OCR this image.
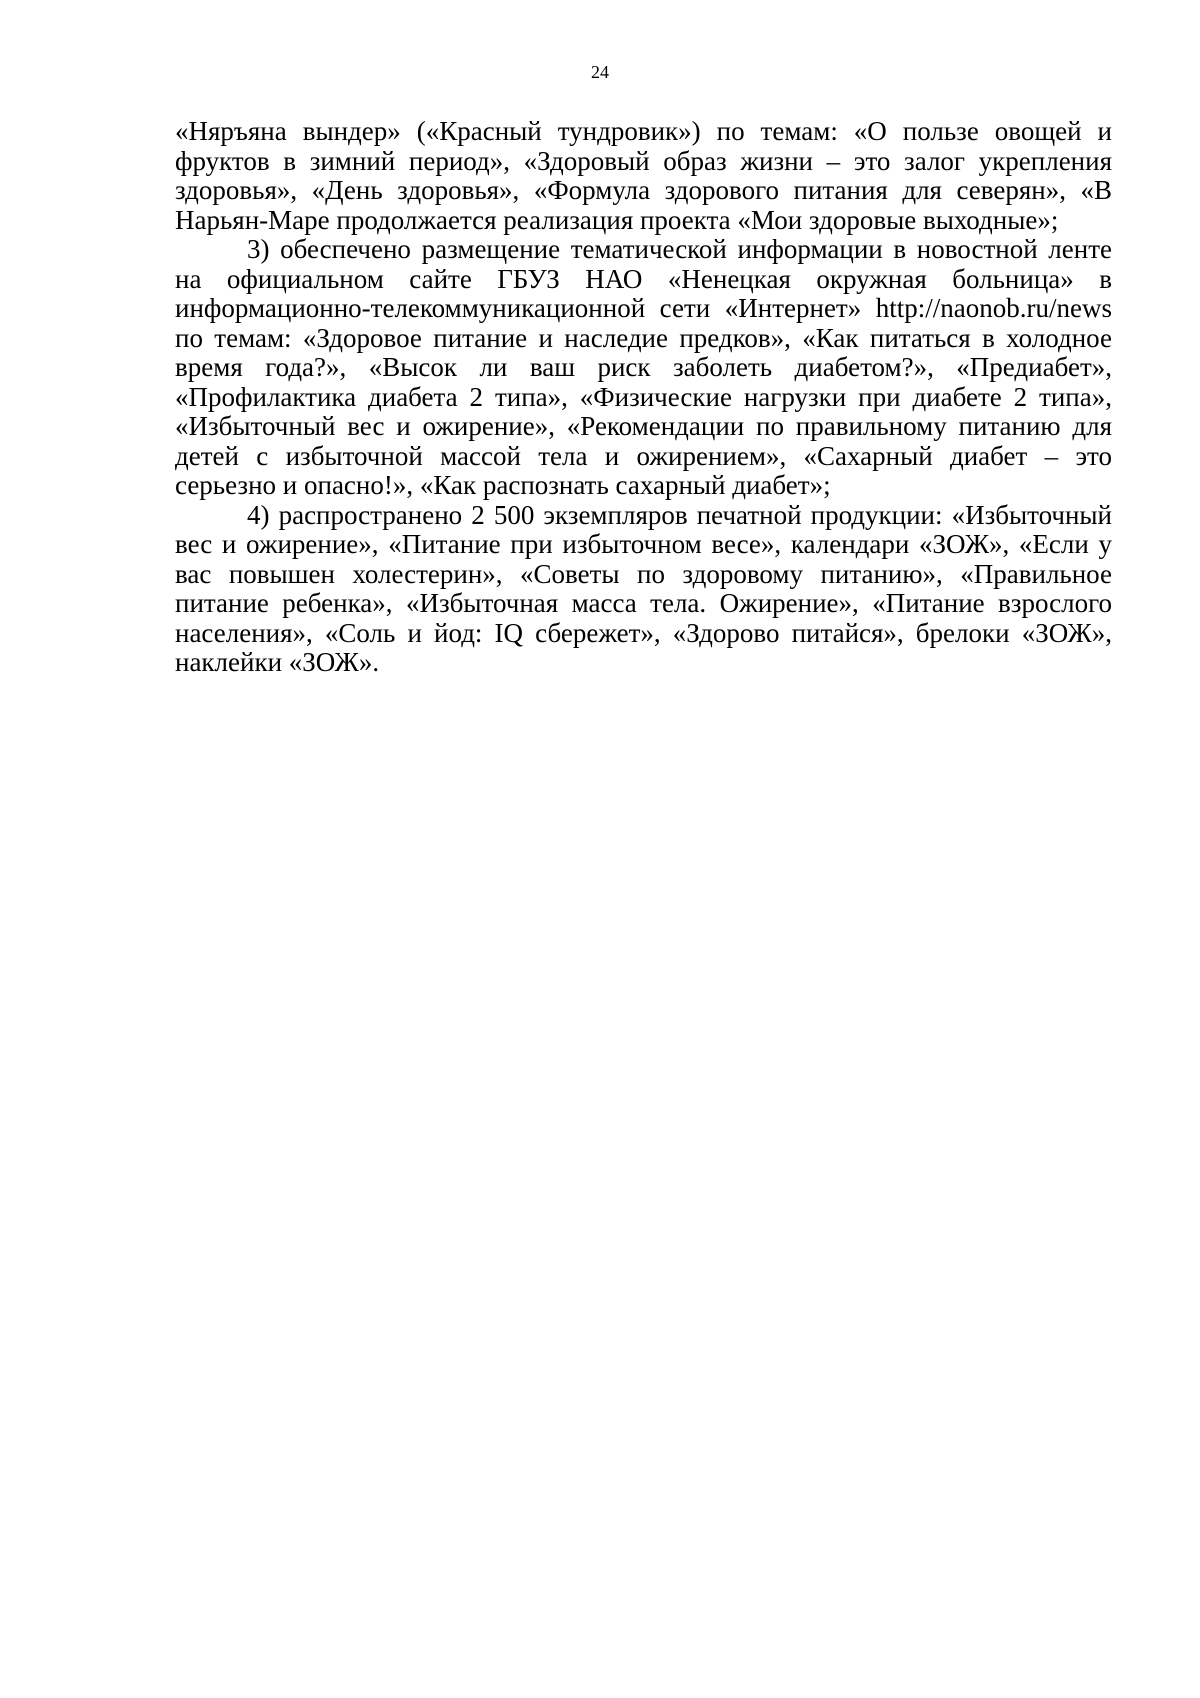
24

«Няръяна вындер» («Красный тундровик») по темам: «О пользе овощей и фруктов в зимний период», «Здоровый образ жизни – это залог укрепления здоровья», «День здоровья», «Формула здорового питания для северян», «В Нарьян-Маре продолжается реализация проекта «Мои здоровые выходные»;

3) обеспечено размещение тематической информации в новостной ленте на официальном сайте ГБУЗ НАО «Ненецкая окружная больница» в информационно-телекоммуникационной сети «Интернет» http://naonob.ru/news по темам: «Здоровое питание и наследие предков», «Как питаться в холодное время года?», «Высок ли ваш риск заболеть диабетом?», «Предиабет», «Профилактика диабета 2 типа», «Физические нагрузки при диабете 2 типа», «Избыточный вес и ожирение», «Рекомендации по правильному питанию для детей с избыточной массой тела и ожирением», «Сахарный диабет – это серьезно и опасно!», «Как распознать сахарный диабет»;

4) распространено 2 500 экземпляров печатной продукции: «Избыточный вес и ожирение», «Питание при избыточном весе», календари «ЗОЖ», «Если у вас повышен холестерин», «Советы по здоровому питанию», «Правильное питание ребенка», «Избыточная масса тела. Ожирение», «Питание взрослого населения», «Соль и йод: IQ сбережет», «Здорово питайся», брелоки «ЗОЖ», наклейки «ЗОЖ».
